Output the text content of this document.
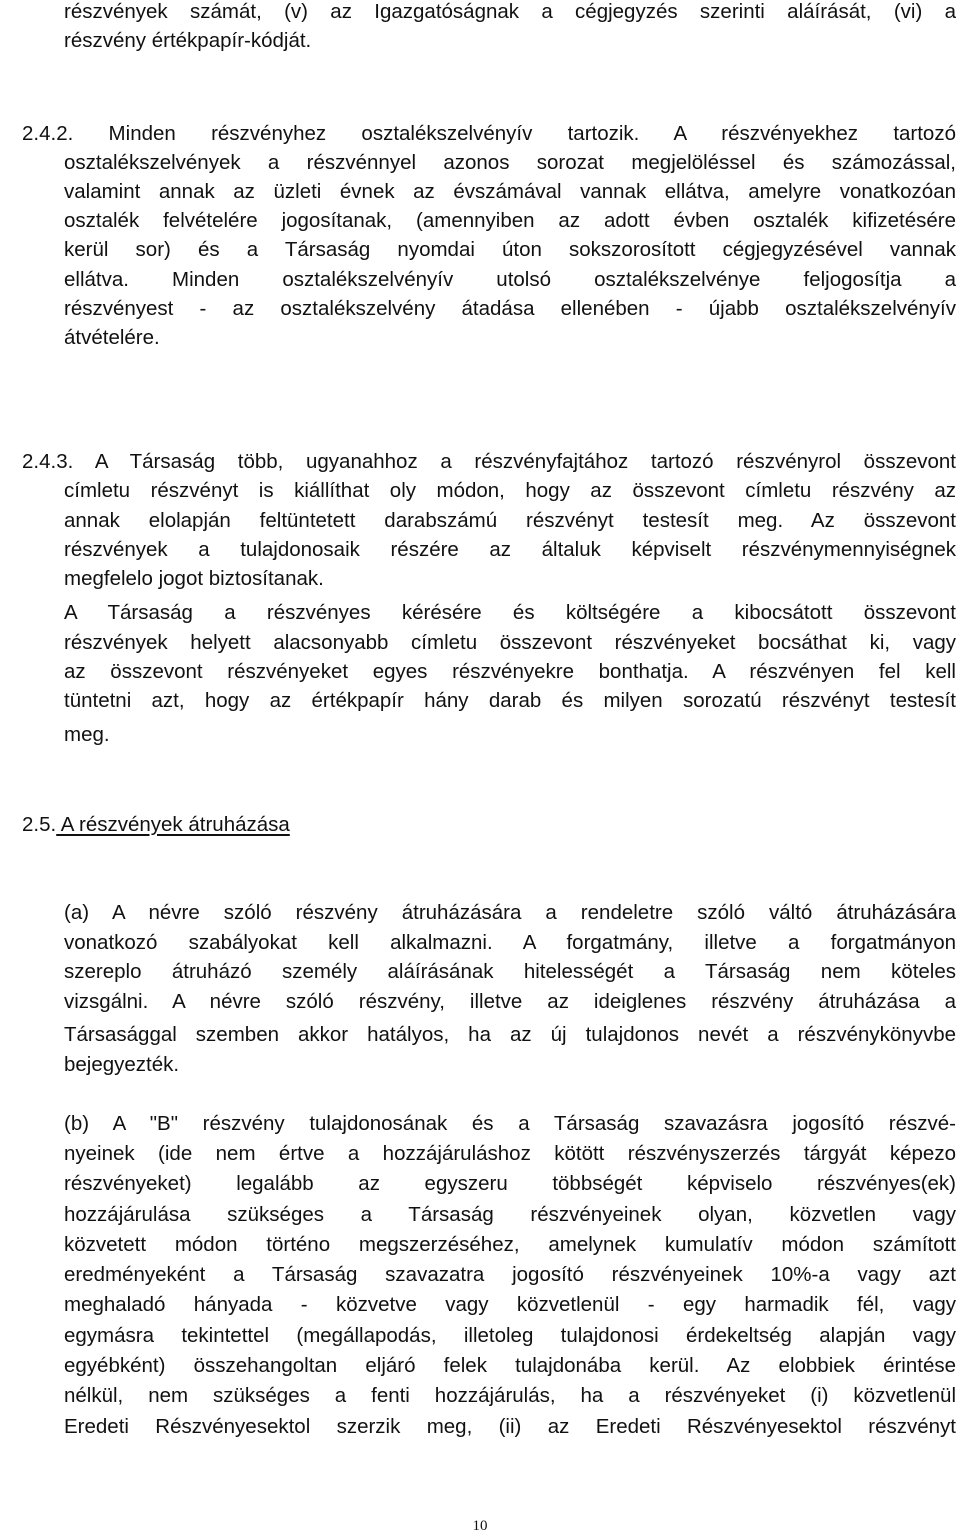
részvények számát, (v) az Igazgatóságnak a cégjegyzés szerinti aláírását, (vi) a
részvény értékpapír-kódját.
2.4.2. Minden részvényhez osztalékszelvényív tartozik. A részvényekhez tartozó
osztalékszelvények a részvénnyel azonos sorozat megjelöléssel és számozással,
valamint annak az üzleti évnek az évszámával vannak ellátva, amelyre vonatkozóan
osztalék felvételére jogosítanak, (amennyiben az adott évben osztalék kifizetésére
kerül sor) és a Társaság nyomdai úton sokszorosított cégjegyzésével vannak
ellátva. Minden osztalékszelvényív utolsó osztalékszelvénye feljogosítja a
részvényest - az osztalékszelvény átadása ellenében - újabb osztalékszelvényív
átvételére.
2.4.3. A Társaság több, ugyanahhoz a részvényfajtához tartozó részvényrol összevont
címletu részvényt is kiállíthat oly módon, hogy az összevont címletu részvény az
annak elolapján feltüntetett darabszámú részvényt testesít meg. Az összevont
részvények a tulajdonosaik részére az általuk képviselt részvénymennyiségnek
megfelelo jogot biztosítanak.
A Társaság a részvényes kérésére és költségére a kibocsátott összevont
részvények helyett alacsonyabb címletu összevont részvényeket bocsáthat ki, vagy
az összevont részvényeket egyes részvényekre bonthatja. A részvényen fel kell
tüntetni azt, hogy az értékpapír hány darab és milyen sorozatú részvényt testesít
meg.
2.5. A részvények átruházása
(a) A névre szóló részvény átruházására a rendeletre szóló váltó átruházására
vonatkozó szabályokat kell alkalmazni. A forgatmány, illetve a forgatmányon
szereplo átruházó személy aláírásának hitelességét a Társaság nem köteles
vizsgálni. A névre szóló részvény, illetve az ideiglenes részvény átruházása a
Társasággal szemben akkor hatályos, ha az új tulajdonos nevét a részvénykönyvbe
bejegyezték.
(b) A "B" részvény tulajdonosának és a Társaság szavazásra jogosító részvé-
nyeinek (ide nem értve a hozzájáruláshoz kötött részvényszerzés tárgyát képezo
részvényeket) legalább az egyszeru többségét képviselo részvényes(ek)
hozzájárulása szükséges a Társaság részvényeinek olyan, közvetlen vagy
közvetett módon történo megszerzéséhez, amelynek kumulatív módon számított
eredményeként a Társaság szavazatra jogosító részvényeinek 10%-a vagy azt
meghaladó hányada - közvetve vagy közvetlenül - egy harmadik fél, vagy
egymásra tekintettel (megállapodás, illetoleg tulajdonosi érdekeltség alapján vagy
egyébként) összehangoltan eljáró felek tulajdonába kerül. Az elobbiek érintése
nélkül, nem szükséges a fenti hozzájárulás, ha a részvényeket (i) közvetlenül
Eredeti Részvényesektol szerzik meg, (ii) az Eredeti Részvényesektol részvényt
10
